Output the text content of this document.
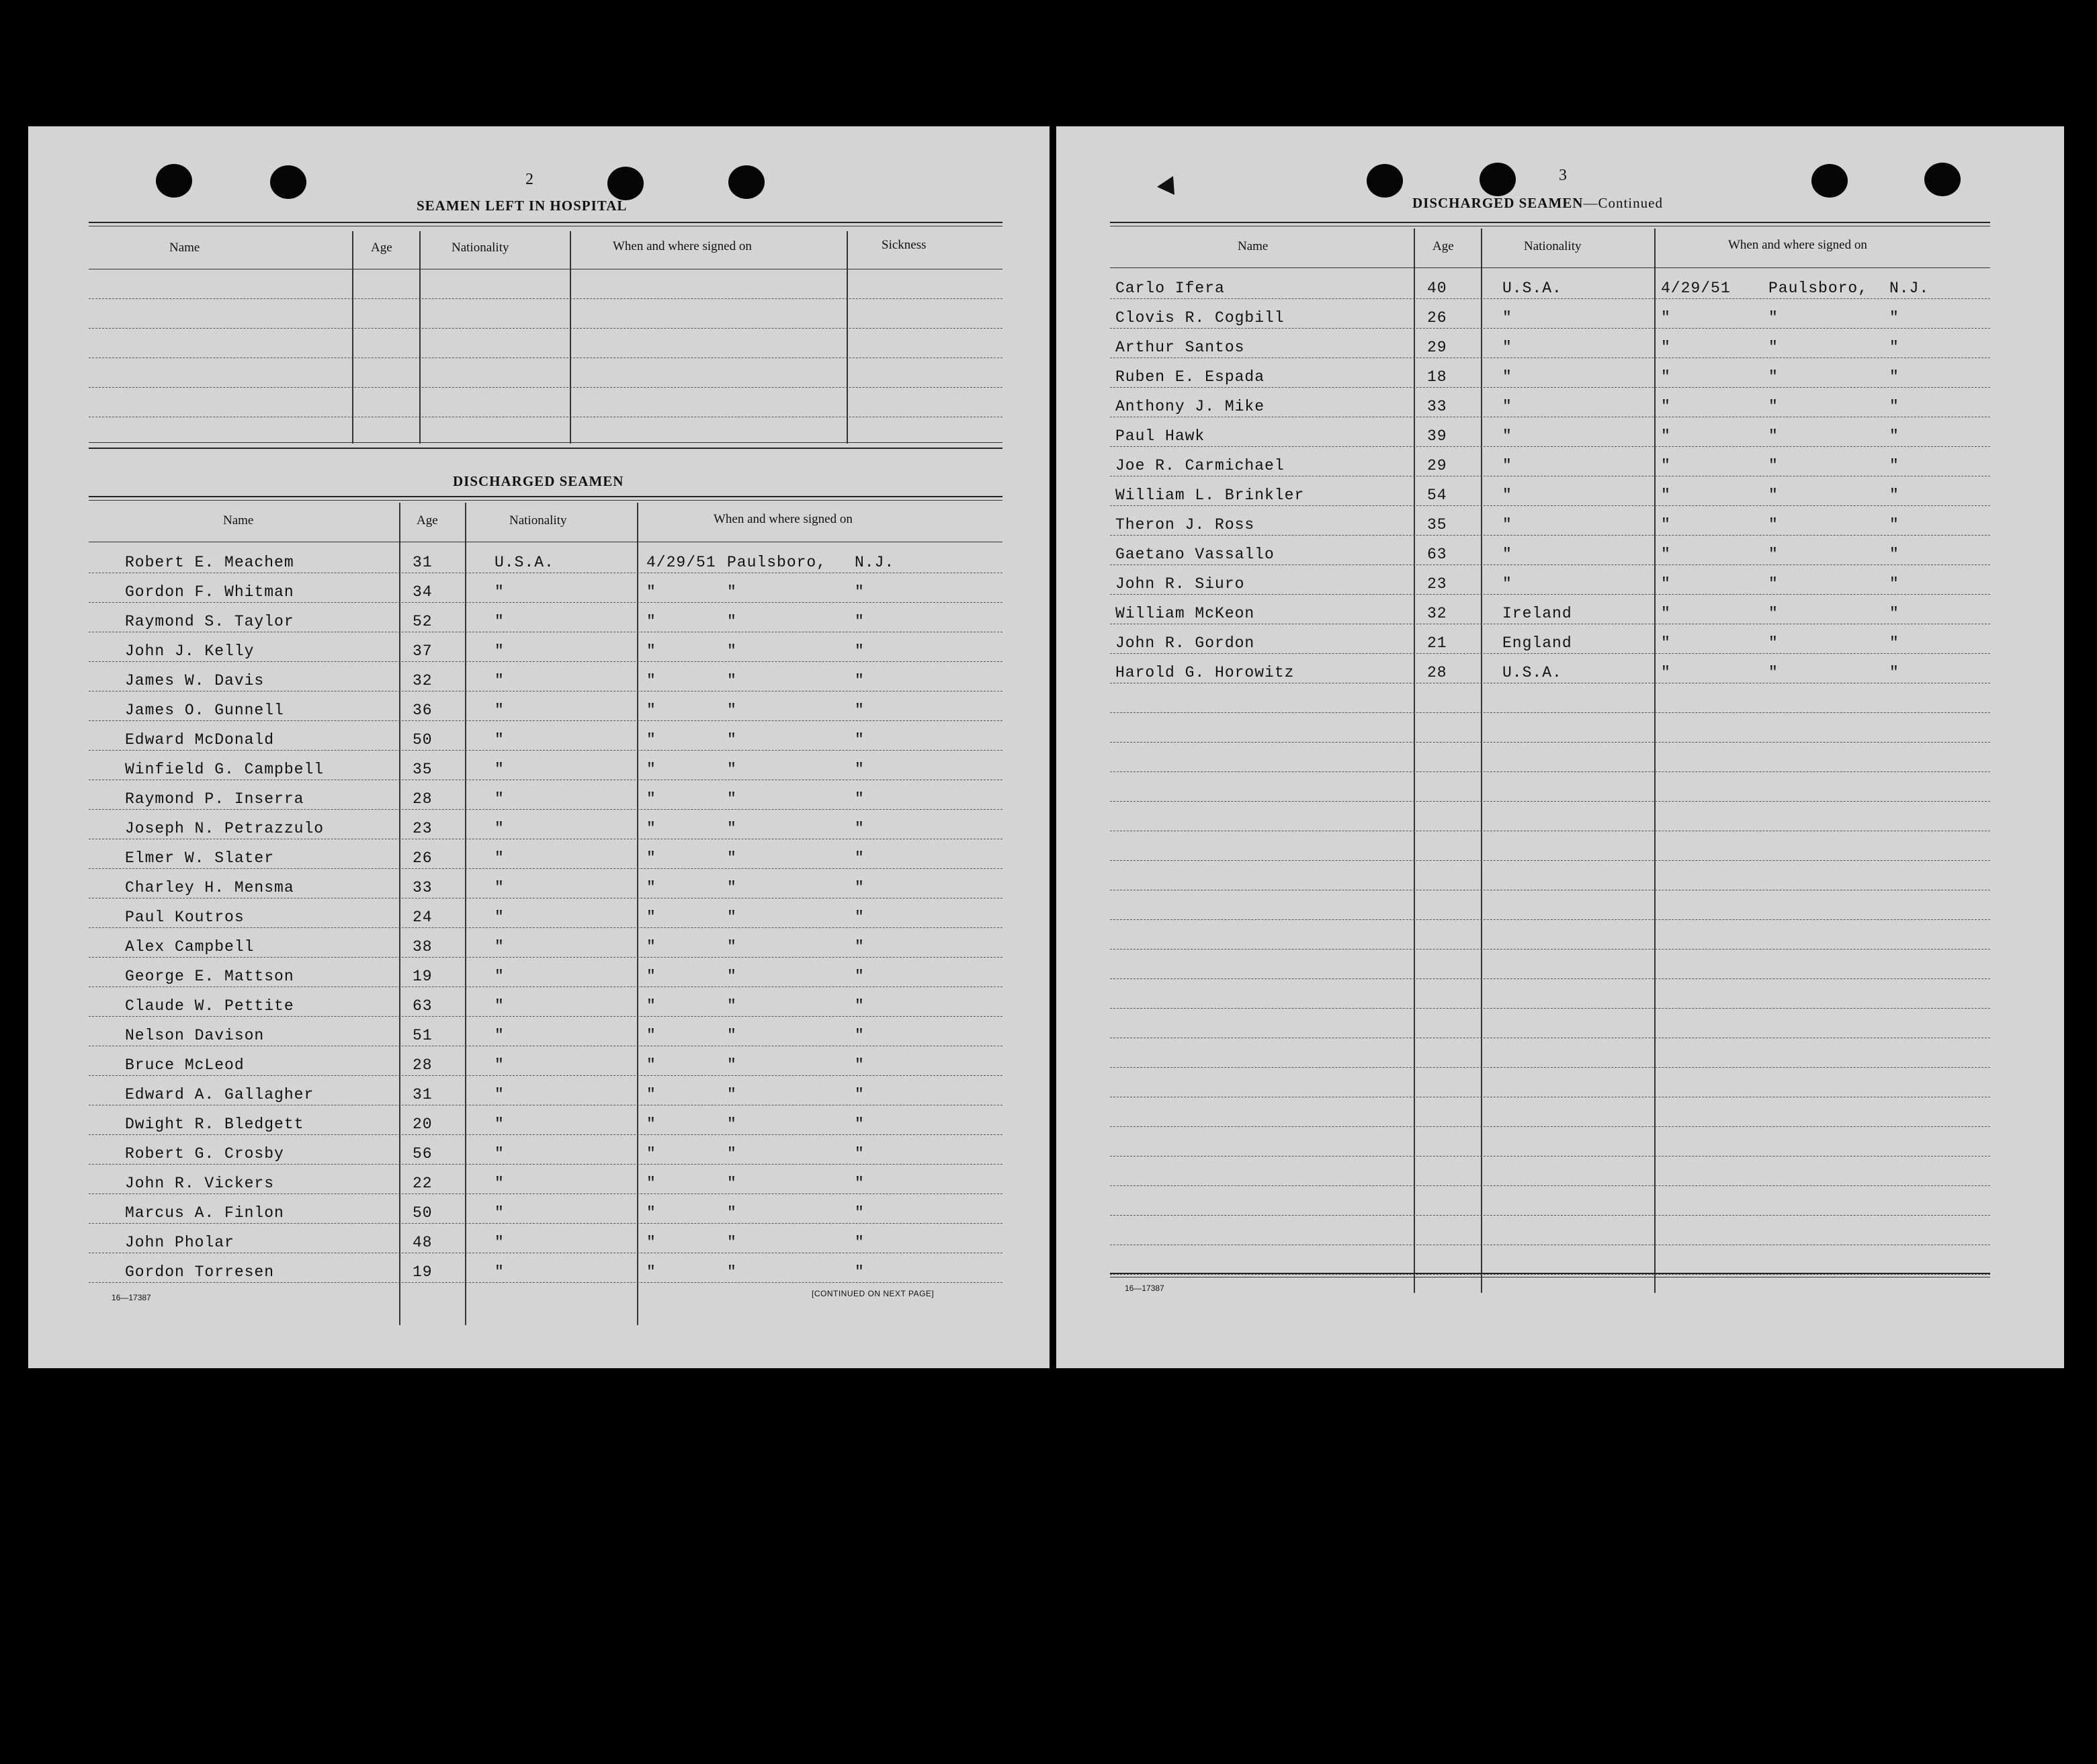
2
SEAMEN LEFT IN HOSPITAL
Name	Age	Nationality	When and where signed on	Sickness
DISCHARGED SEAMEN
Name	Age	Nationality	When and where signed on
Robert E. Meachem	31	U.S.A.	4/29/51 Paulsboro, N.J.
Gordon F. Whitman	34	"	"	"	"
Raymond S. Taylor	52	"	"	"	"
John J. Kelly	37	"	"	"	"
James W. Davis	32	"	"	"	"
James O. Gunnell	36	"	"	"	"
Edward McDonald	50	"	"	"	"
Winfield G. Campbell	35	"	"	"	"
Raymond P. Inserra	28	"	"	"	"
Joseph N. Petrazzulo	23	"	"	"	"
Elmer W. Slater	26	"	"	"	"
Charley H. Mensma	33	"	"	"	"
Paul Koutros	24	"	"	"	"
Alex Campbell	38	"	"	"	"
George E. Mattson	19	"	"	"	"
Claude W. Pettite	63	"	"	"	"
Nelson Davison	51	"	"	"	"
Bruce McLeod	28	"	"	"	"
Edward A. Gallagher	31	"	"	"	"
Dwight R. Bledgett	20	"	"	"	"
Robert G. Crosby	56	"	"	"	"
John R. Vickers	22	"	"	"	"
Marcus A. Finlon	50	"	"	"	"
John Pholar	48	"	"	"	"
Gordon Torresen	19	"	"	"	"
16—17387	[CONTINUED ON NEXT PAGE]
3
DISCHARGED SEAMEN—Continued
Name	Age	Nationality	When and where signed on
Carlo Ifera	40	U.S.A.	4/29/51 Paulsboro, N.J.
Clovis R. Cogbill	26	"	"	"	"
Arthur Santos	29	"	"	"	"
Ruben E. Espada	18	"	"	"	"
Anthony J. Mike	33	"	"	"	"
Paul Hawk	39	"	"	"	"
Joe R. Carmichael	29	"	"	"	"
William L. Brinkler	54	"	"	"	"
Theron J. Ross	35	"	"	"	"
Gaetano Vassallo	63	"	"	"	"
John R. Siuro	23	"	"	"	"
William McKeon	32	Ireland	"	"	"
John R. Gordon	21	England	"	"	"
Harold G. Horowitz	28	U.S.A.	"	"	"
16—17387
